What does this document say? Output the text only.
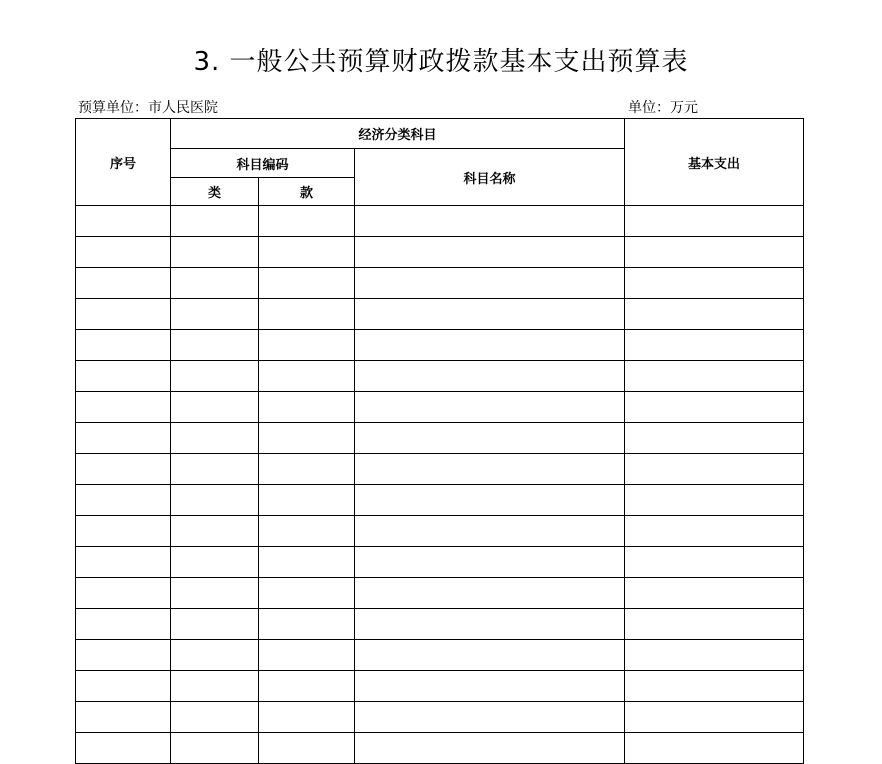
3. 一般公共预算财政拨款基本支出预算表
预算单位：市人民医院	单位：万元
序号	经济分类科目			基本支出
	科目编码		科目名称	
	类	款		
